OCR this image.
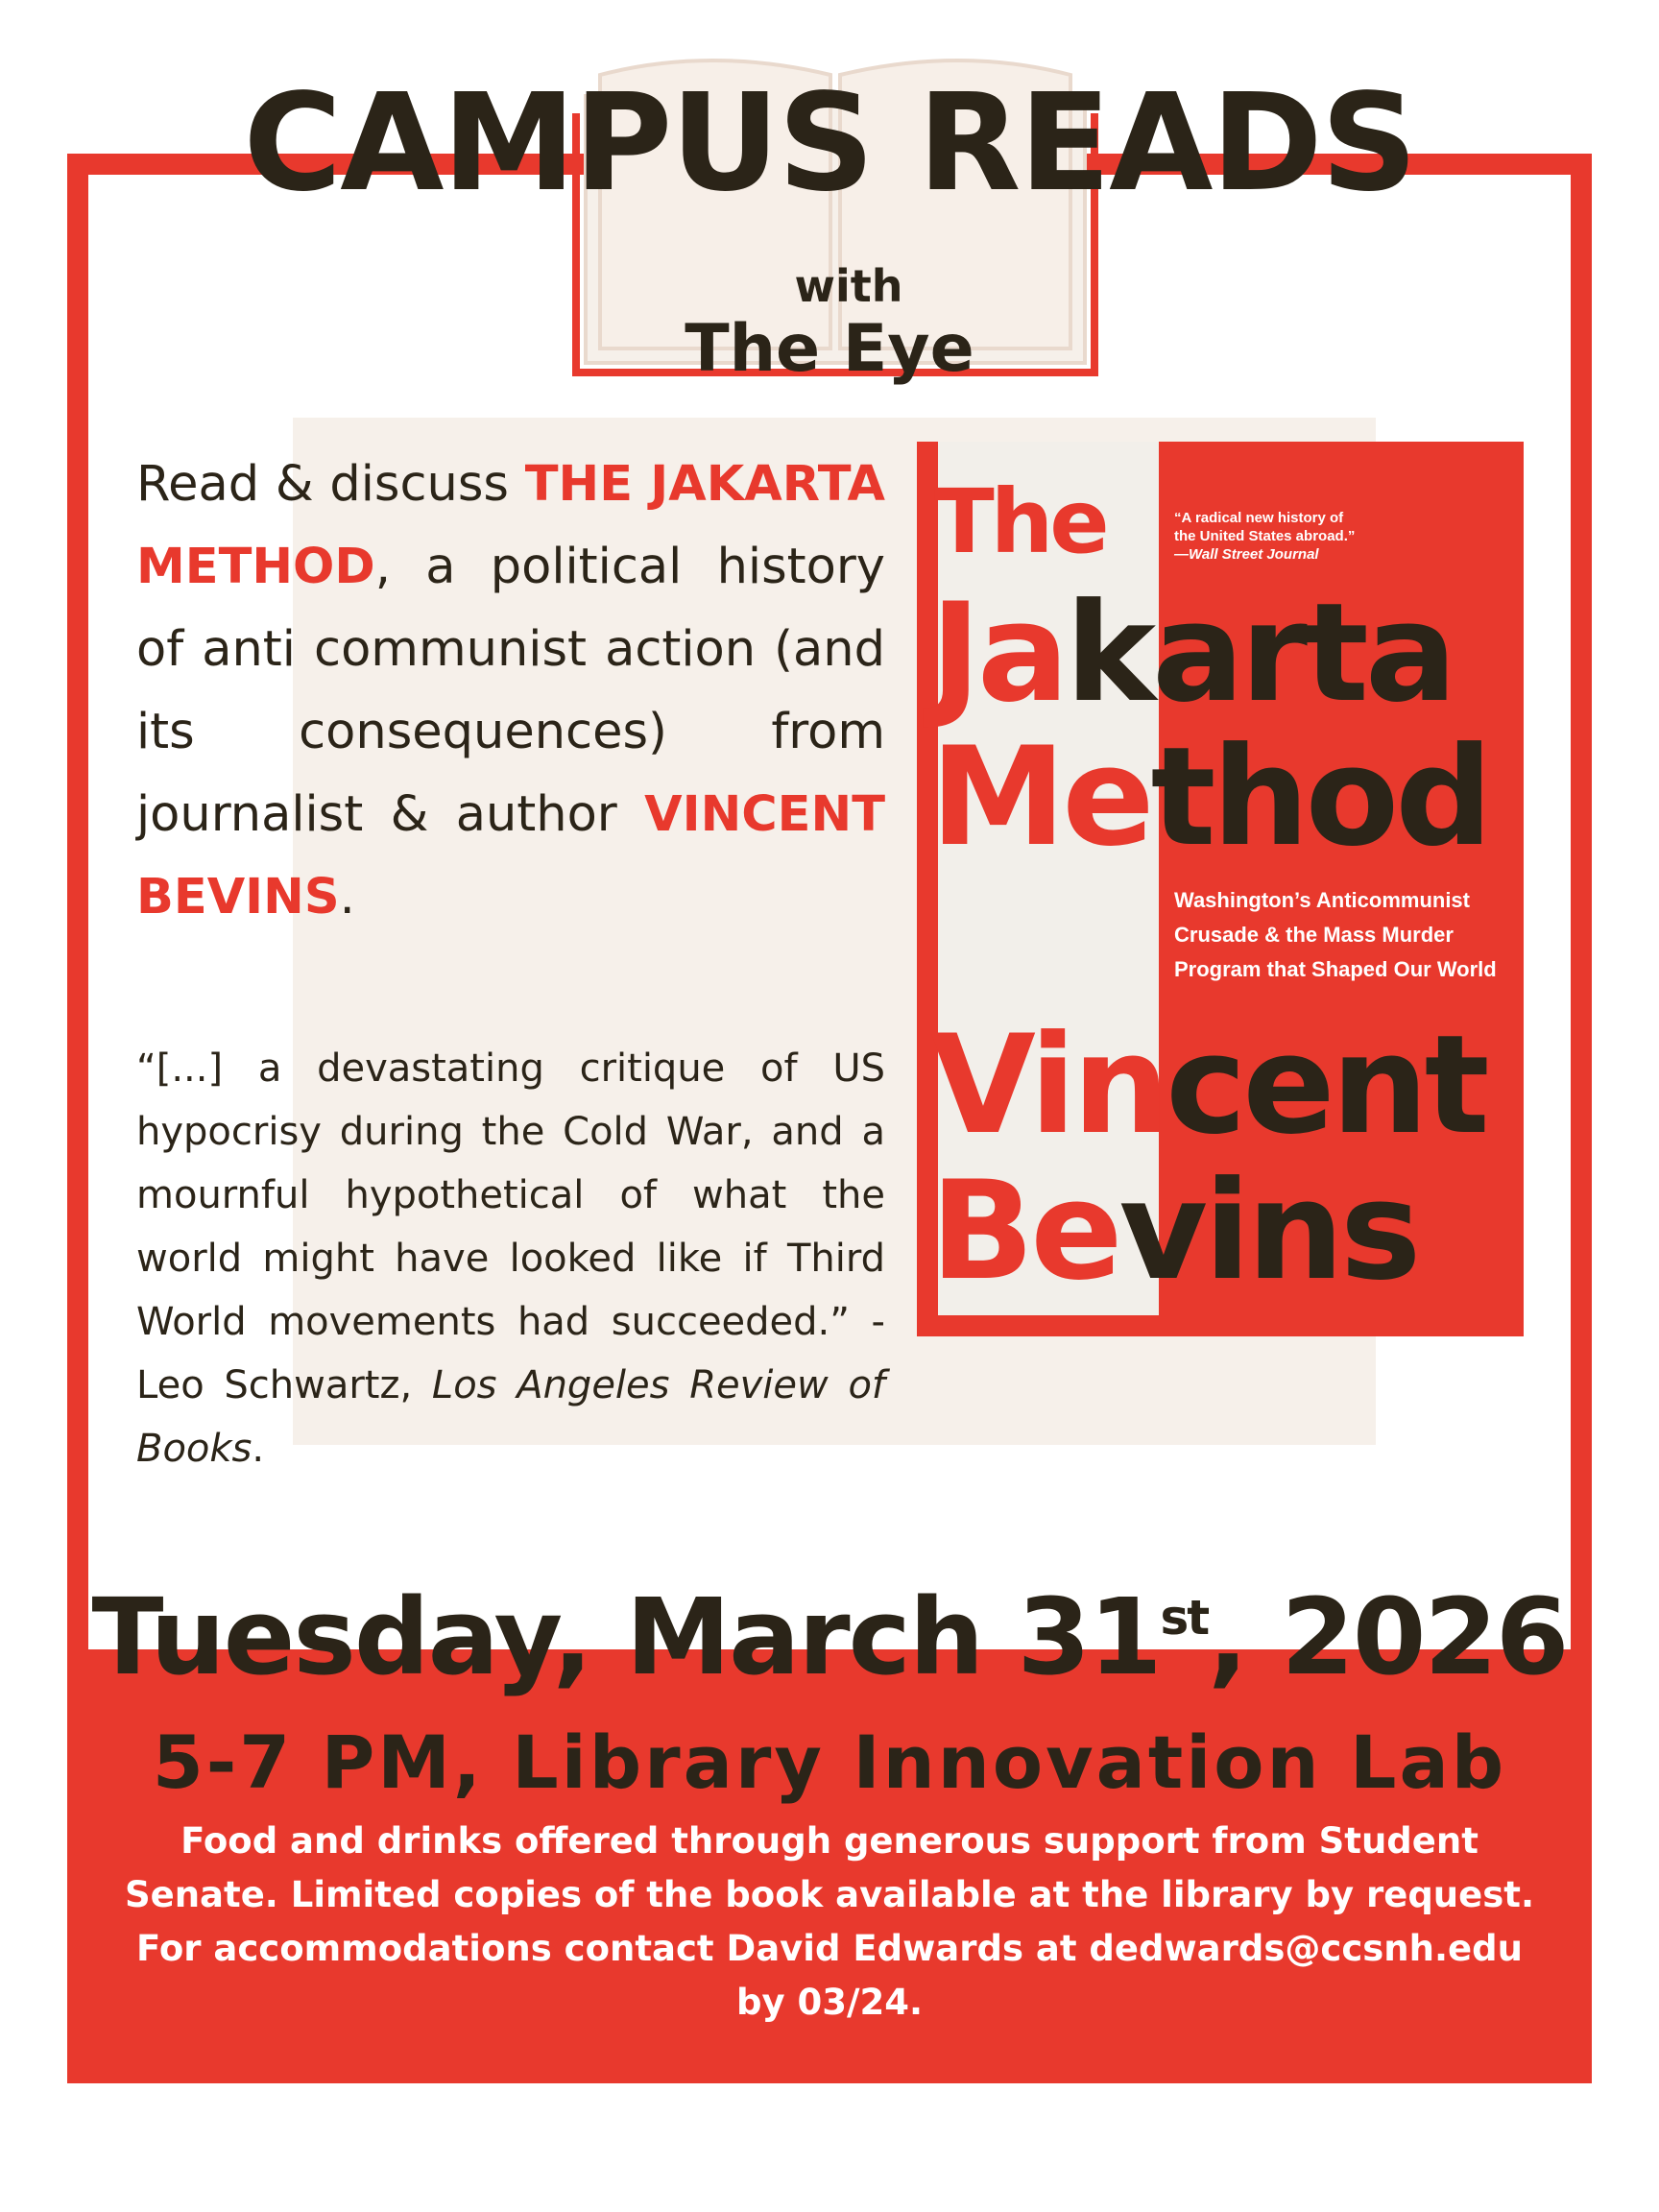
CAMPUS READS
with
The Eye
Read & discuss THE JAKARTA METHOD, a political history of anti communist action (and its consequences) from journalist & author VINCENT BEVINS.
“[...] a devastating critique of US hypocrisy during the Cold War, and a mournful hypothetical of what the world might have looked like if Third World movements had succeeded.” - Leo Schwartz, Los Angeles Review of Books.
The
Jakarta
Method
“A radical new history of the United States abroad.”
—Wall Street Journal
Washington’s Anticommunist Crusade & the Mass Murder Program that Shaped Our World
Vincent
Bevins
Tuesday, March 31st, 2026
5-7 PM, Library Innovation Lab
Food and drinks offered through generous support from Student Senate. Limited copies of the book available at the library by request. For accommodations contact David Edwards at dedwards@ccsnh.edu by 03/24.
